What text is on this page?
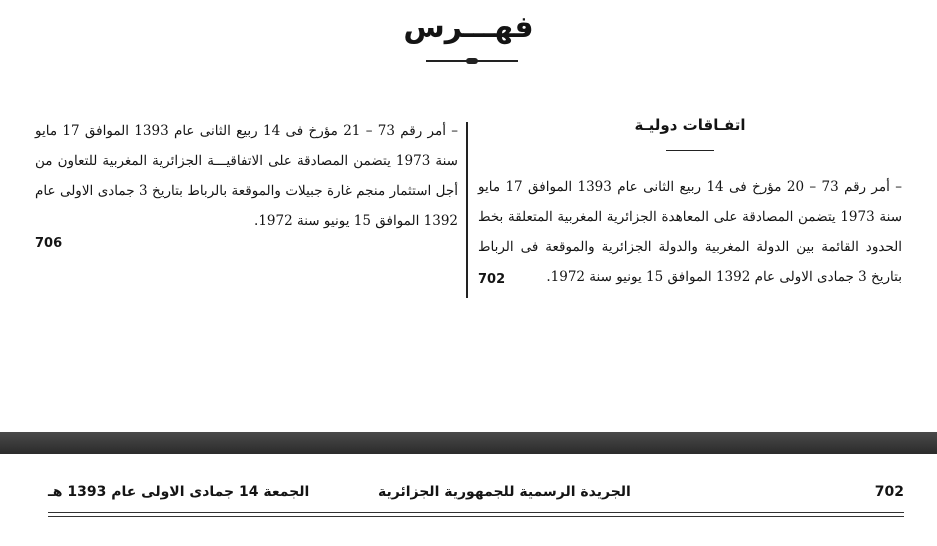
فهـــرس
اتفـاقات دوليـة
– أمر رقم 73 – 20 مؤرخ فى 14 ربيع الثانى عام 1393 الموافق 17 مايو سنة 1973 يتضمن المصادقة على المعاهدة الجزائرية المغربية المتعلقة بخط الحدود القائمة بين الدولة المغربية والدولة الجزائرية والموقعة فى الرباط بتاريخ 3 جمادى الاولى عام 1392 الموافق 15 يونيو سنة 1972.
702
– أمر رقم 73 – 21 مؤرخ فى 14 ربيع الثانى عام 1393 الموافق 17 مايو سنة 1973 يتضمن المصادقة على الاتفاقيـــة الجزائرية المغربية للتعاون من أجل استثمار منجم غارة جبيلات والموقعة بالرباط بتاريخ 3 جمادى الاولى عام 1392 الموافق 15 يونيو سنة 1972.
706
702
الجريدة الرسمية للجمهورية الجزائرية
الجمعة 14 جمادى الاولى عام 1393 هـ
